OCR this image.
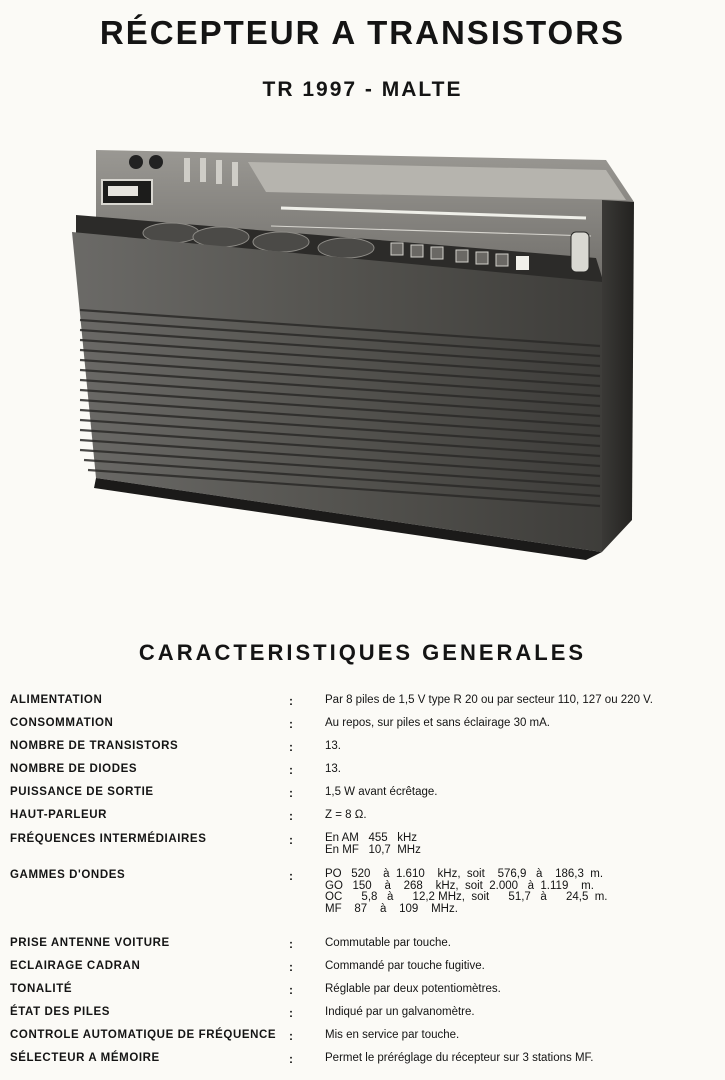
RÉCEPTEUR A TRANSISTORS
TR 1997 - MALTE
CARACTERISTIQUES GENERALES
ALIMENTATION	:	Par 8 piles de 1,5 V type R 20 ou par secteur 110, 127 ou 220 V.
CONSOMMATION	:	Au repos, sur piles et sans éclairage 30 mA.
NOMBRE DE TRANSISTORS	:	13.
NOMBRE DE DIODES	:	13.
PUISSANCE DE SORTIE	:	1,5 W avant écrêtage.
HAUT-PARLEUR	:	Z = 8 Ω.
FRÉQUENCES INTERMÉDIAIRES	:	En AM   455   kHz
En MF   10,7  MHz
GAMMES D'ONDES	:	PO   520    à  1.610    kHz,  soit    576,9   à    186,3  m.
GO   150    à    268    kHz,  soit  2.000   à  1.119    m.
OC      5,8   à      12,2 MHz,  soit      51,7   à      24,5  m.
MF    87    à    109    MHz.
PRISE ANTENNE VOITURE	:	Commutable par touche.
ECLAIRAGE CADRAN	:	Commandé par touche fugitive.
TONALITÉ	:	Réglable par deux potentiomètres.
ÉTAT DES PILES	:	Indiqué par un galvanomètre.
CONTROLE AUTOMATIQUE DE FRÉQUENCE :	Mis en service par touche.
SÉLECTEUR A MÉMOIRE	:	Permet le préréglage du récepteur sur 3 stations MF.
